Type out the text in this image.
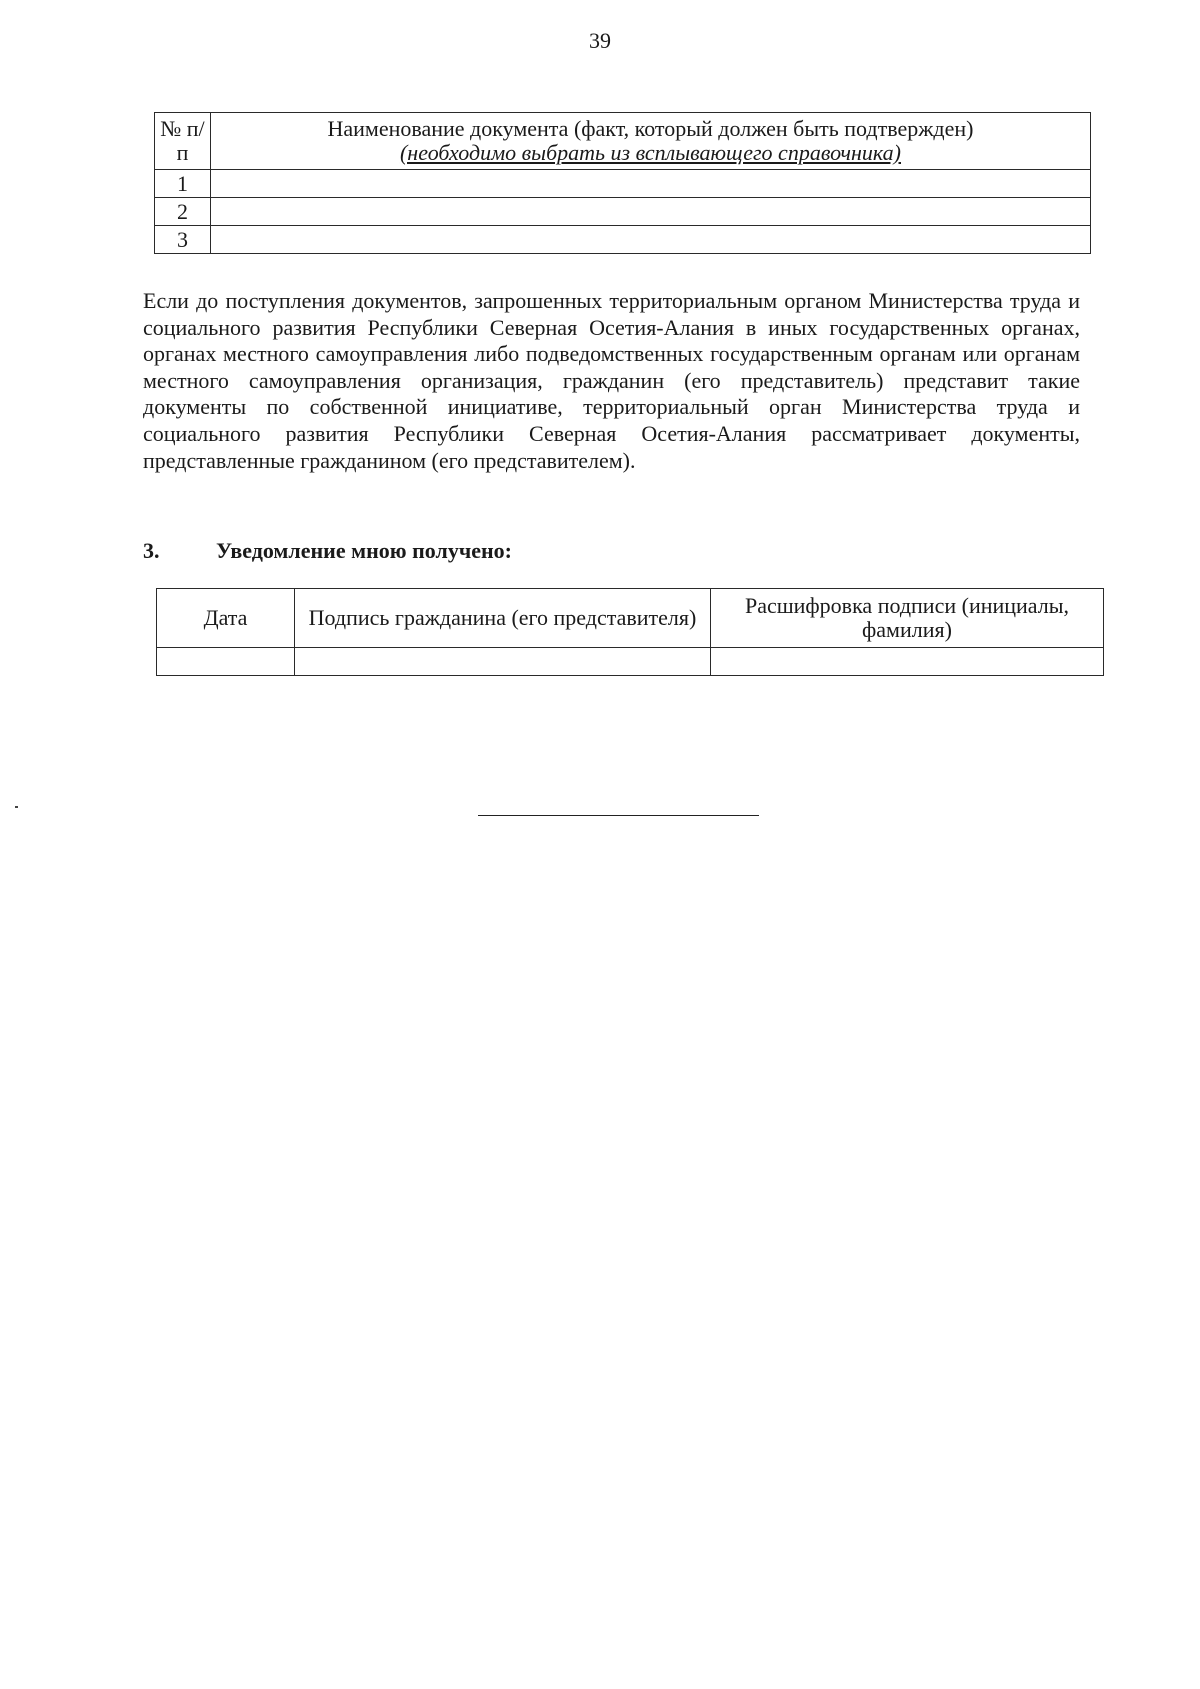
39
№ п/п	Наименование документа (факт, который должен быть подтвержден)
(необходимо выбрать из всплывающего справочника)

1	
2	
3	

Если до поступления документов, запрошенных территориальным органом Министерства труда и социального развития Республики Северная Осетия-Алания в иных государственных органах, органах местного самоуправления либо подведомственных государственным органам или органам местного самоуправления организация, гражданин (его представитель) представит такие документы по собственной инициативе, территориальный орган Министерства труда и социального развития Республики Северная Осетия-Алания рассматривает документы, представленные гражданином (его представителем).

3.	Уведомление мною получено:

Дата	Подпись гражданина (его представителя)	Расшифровка подписи (инициалы, фамилия)
